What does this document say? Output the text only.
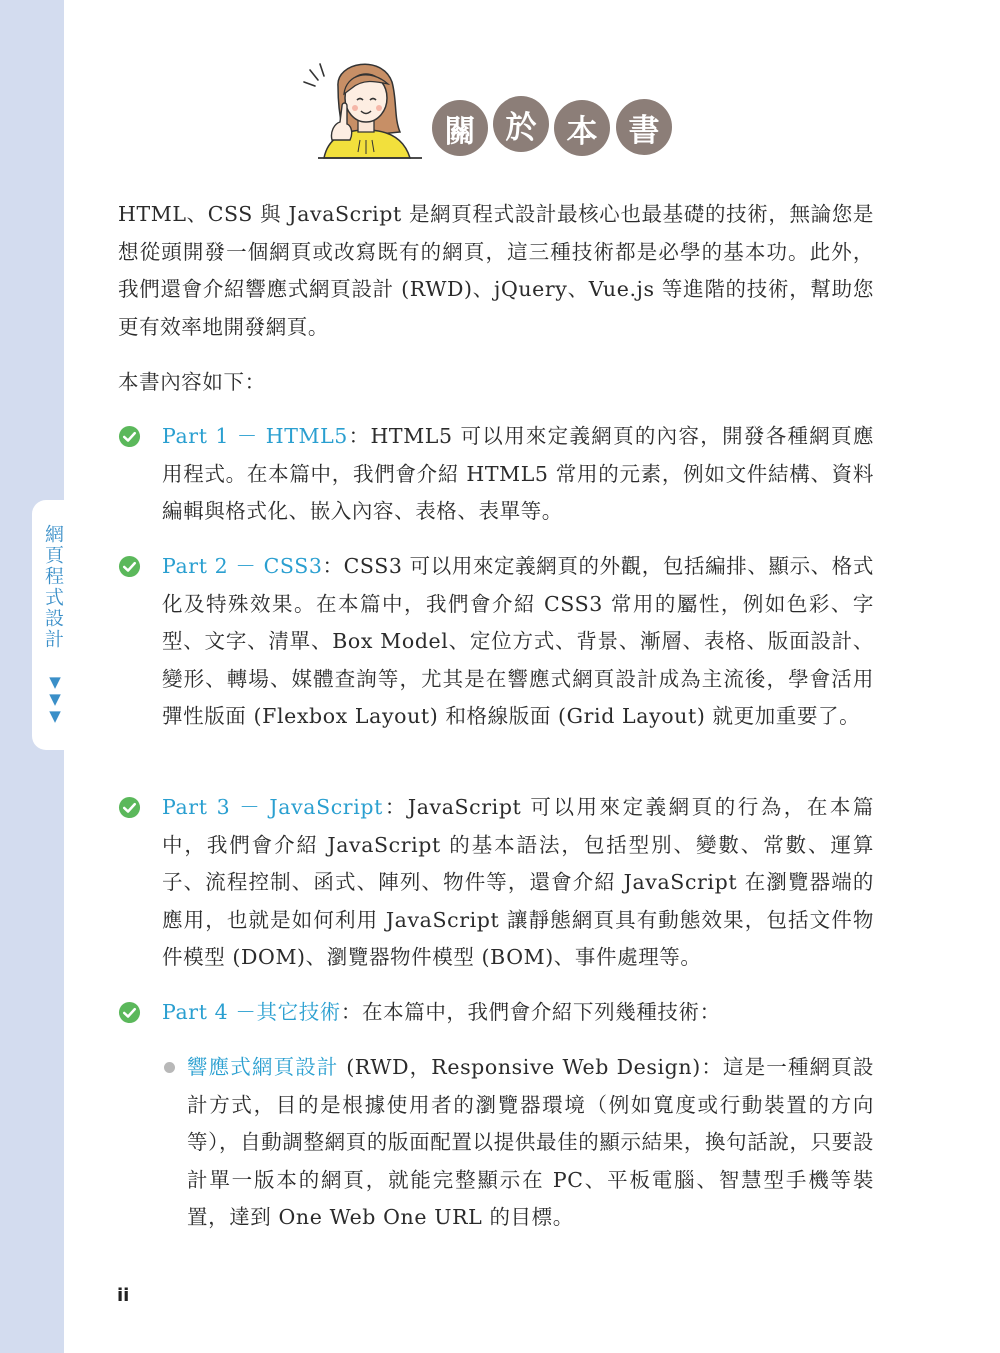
網頁程式設計
▼
▼
▼
關 於 本	書

HTML、CSS 與 JavaScript 是網頁程式設計最核心也最基礎的技術，無論您是想從頭開發一個網頁或改寫既有的網頁，這三種技術都是必學的基本功。此外，我們還會介紹響應式網頁設計 (RWD)、jQuery、Vue.js 等進階的技術，幫助您更有效率地開發網頁。

本書內容如下：
Part 1 － HTML5：HTML5 可以用來定義網頁的內容，開發各種網頁應用程式。在本篇中，我們會介紹 HTML5 常用的元素，例如文件結構、資料編輯與格式化、嵌入內容、表格、表單等。
Part 2 － CSS3：CSS3 可以用來定義網頁的外觀，包括編排、顯示、格式化及特殊效果。在本篇中，我們會介紹 CSS3 常用的屬性，例如色彩、字型、文字、清單、Box Model、定位方式、背景、漸層、表格、版面設計、變形、轉場、媒體查詢等，尤其是在響應式網頁設計成為主流後，學會活用彈性版面 (Flexbox Layout) 和格線版面 (Grid Layout) 就更加重要了。
Part 3 － JavaScript：JavaScript 可以用來定義網頁的行為，在本篇中，我們會介紹 JavaScript 的基本語法，包括型別、變數、常數、運算子、流程控制、函式、陣列、物件等，還會介紹 JavaScript 在瀏覽器端的應用，也就是如何利用 JavaScript 讓靜態網頁具有動態效果，包括文件物件模型 (DOM)、瀏覽器物件模型 (BOM)、事件處理等。
Part 4 －其它技術：在本篇中，我們會介紹下列幾種技術：
響應式網頁設計 (RWD，Responsive Web Design)：這是一種網頁設計方式，目的是根據使用者的瀏覽器環境（例如寬度或行動裝置的方向等），自動調整網頁的版面配置以提供最佳的顯示結果，換句話說，只要設計單一版本的網頁，就能完整顯示在 PC、平板電腦、智慧型手機等裝置，達到 One Web One URL 的目標。
ii
